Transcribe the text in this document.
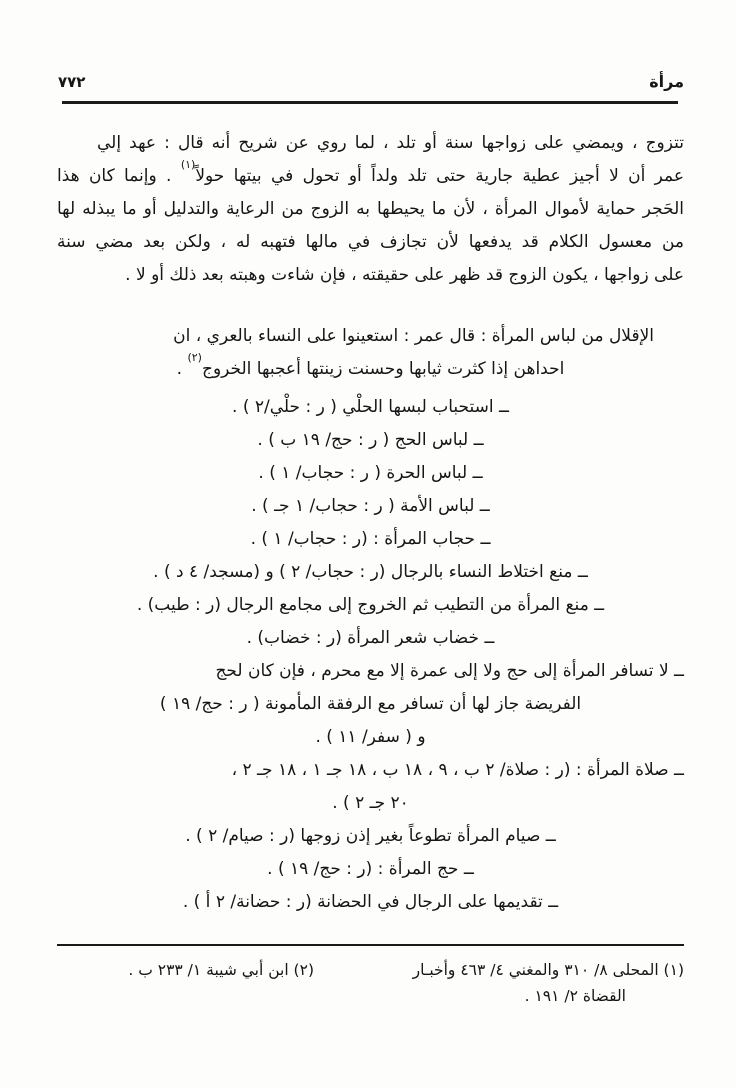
٧٧٢	مرأة
تتزوج ، ويمضي على زواجها سنة أو تلد ، لما روي عن شريح أنه قال : عهد إلي
عمر أن لا أجيز عطية جارية حتى تلد ولداً أو تحول في بيتها حولاً$^{(١)}$ . وإنما كان هذا
الحَجر حماية لأموال المرأة ، لأن ما يحيطها به الزوج من الرعاية والتدليل أو ما يبذله لها
من معسول الكلام قد يدفعها لأن تجازف في مالها فتهبه له ، ولكن بعد مضي سنة
على زواجها ، يكون الزوج قد ظهر على حقيقته ، فإن شاءت وهبته بعد ذلك أو لا .
الإقلال من لباس المرأة : قال عمر : استعينوا على النساء بالعري ، ان
احداهن إذا كثرت ثيابها وحسنت زينتها أعجبها الخروج$^{(٢)}$ .
ــ استحباب لبسها الحلْي ( ر : حلْي/٢ ) .
ــ لباس الحج ( ر : حج/ ١٩ ب ) .
ــ لباس الحرة ( ر : حجاب/ ١ ) .
ــ لباس الأمة ( ر : حجاب/ ١ جـ ) .
ــ حجاب المرأة : (ر : حجاب/ ١ ) .
ــ منع اختلاط النساء بالرجال (ر : حجاب/ ٢ ) و (مسجد/ ٤ د ) .
ــ منع المرأة من التطيب ثم الخروج إلى مجامع الرجال (ر : طيب) .
ــ خضاب شعر المرأة (ر : خضاب) .
ــ لا تسافر المرأة إلى حج ولا إلى عمرة إلا مع محرم ، فإن كان لحج
الفريضة جاز لها أن تسافر مع الرفقة المأمونة ( ر : حج/ ١٩ )
و ( سفر/ ١١ ) .
ــ صلاة المرأة : (ر : صلاة/ ٢ ب ، ٩ ، ١٨ ب ، ١٨ جـ ١ ، ١٨ جـ ٢ ،
٢٠ جـ ٢ ) .
ــ صيام المرأة تطوعاً بغير إذن زوجها (ر : صيام/ ٢ ) .
ــ حج المرأة : (ر : حج/ ١٩ ) .
ــ تقديمها على الرجال في الحضانة (ر : حضانة/ ٢ أ ) .
(١) المحلى ٨/ ٣١٠ والمغني ٤/ ٤٦٣ وأخبـار
القضاة ٢/ ١٩١ .
(٢) ابن أبي شيبة ١/ ٢٣٣ ب .
